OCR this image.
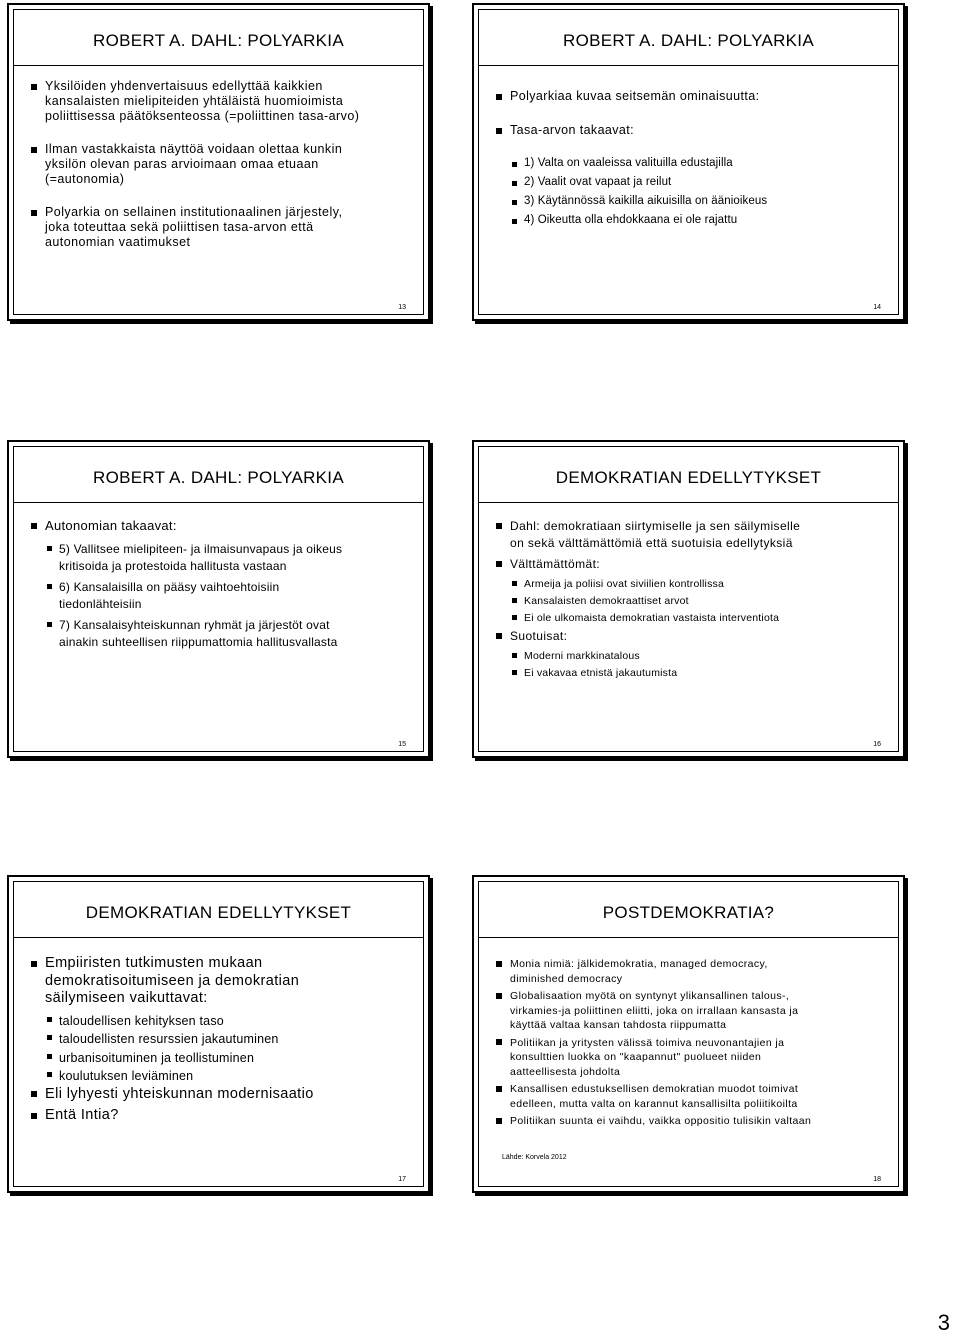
ROBERT A. DAHL: POLYARKIA
Yksilöiden yhdenvertaisuus edellyttää kaikkien
kansalaisten mielipiteiden yhtäläistä huomioimista
poliittisessa päätöksenteossa (=poliittinen tasa-arvo)
Ilman vastakkaista näyttöä voidaan olettaa kunkin
yksilön olevan paras arvioimaan omaa etuaan
(=autonomia)
Polyarkia on sellainen institutionaalinen järjestely,
joka toteuttaa sekä poliittisen tasa-arvon että
autonomian vaatimukset
13
ROBERT A. DAHL: POLYARKIA
Polyarkiaa kuvaa seitsemän ominaisuutta:
Tasa-arvon takaavat:
1) Valta on vaaleissa valituilla edustajilla
2) Vaalit ovat vapaat ja reilut
3) Käytännössä kaikilla aikuisilla on äänioikeus
4) Oikeutta olla ehdokkaana ei ole rajattu
14
ROBERT A. DAHL: POLYARKIA
Autonomian takaavat:
5) Vallitsee mielipiteen- ja ilmaisunvapaus ja oikeus
kritisoida ja protestoida hallitusta vastaan
6) Kansalaisilla on pääsy vaihtoehtoisiin
tiedonlähteisiin
7) Kansalaisyhteiskunnan ryhmät ja järjestöt ovat
ainakin suhteellisen riippumattomia hallitusvallasta
15
DEMOKRATIAN EDELLYTYKSET
Dahl: demokratiaan siirtymiselle ja sen säilymiselle
on sekä välttämättömiä että suotuisia edellytyksiä
Välttämättömät:
Armeija ja poliisi ovat siviilien kontrollissa
Kansalaisten demokraattiset arvot
Ei ole ulkomaista demokratian vastaista interventiota
Suotuisat:
Moderni markkinatalous
Ei vakavaa etnistä jakautumista
16
DEMOKRATIAN EDELLYTYKSET
Empiiristen tutkimusten mukaan
demokratisoitumiseen ja demokratian
säilymiseen vaikuttavat:
taloudellisen kehityksen taso
taloudellisten resurssien jakautuminen
urbanisoituminen ja teollistuminen
koulutuksen leviäminen
Eli lyhyesti yhteiskunnan modernisaatio
Entä Intia?
17
POSTDEMOKRATIA?
Monia nimiä: jälkidemokratia, managed democracy,
diminished democracy
Globalisaation myötä on syntynyt ylikansallinen talous-,
virkamies-ja poliittinen eliitti, joka on irrallaan kansasta ja
käyttää valtaa kansan tahdosta riippumatta
Politiikan ja yritysten välissä toimiva neuvonantajien ja
konsulttien luokka on "kaapannut" puolueet niiden
aatteellisesta johdolta
Kansallisen edustuksellisen demokratian muodot toimivat
edelleen, mutta valta on karannut kansallisilta poliitikoilta
Politiikan suunta ei vaihdu, vaikka oppositio tulisikin valtaan
Lähde: Korvela 2012
18
3
